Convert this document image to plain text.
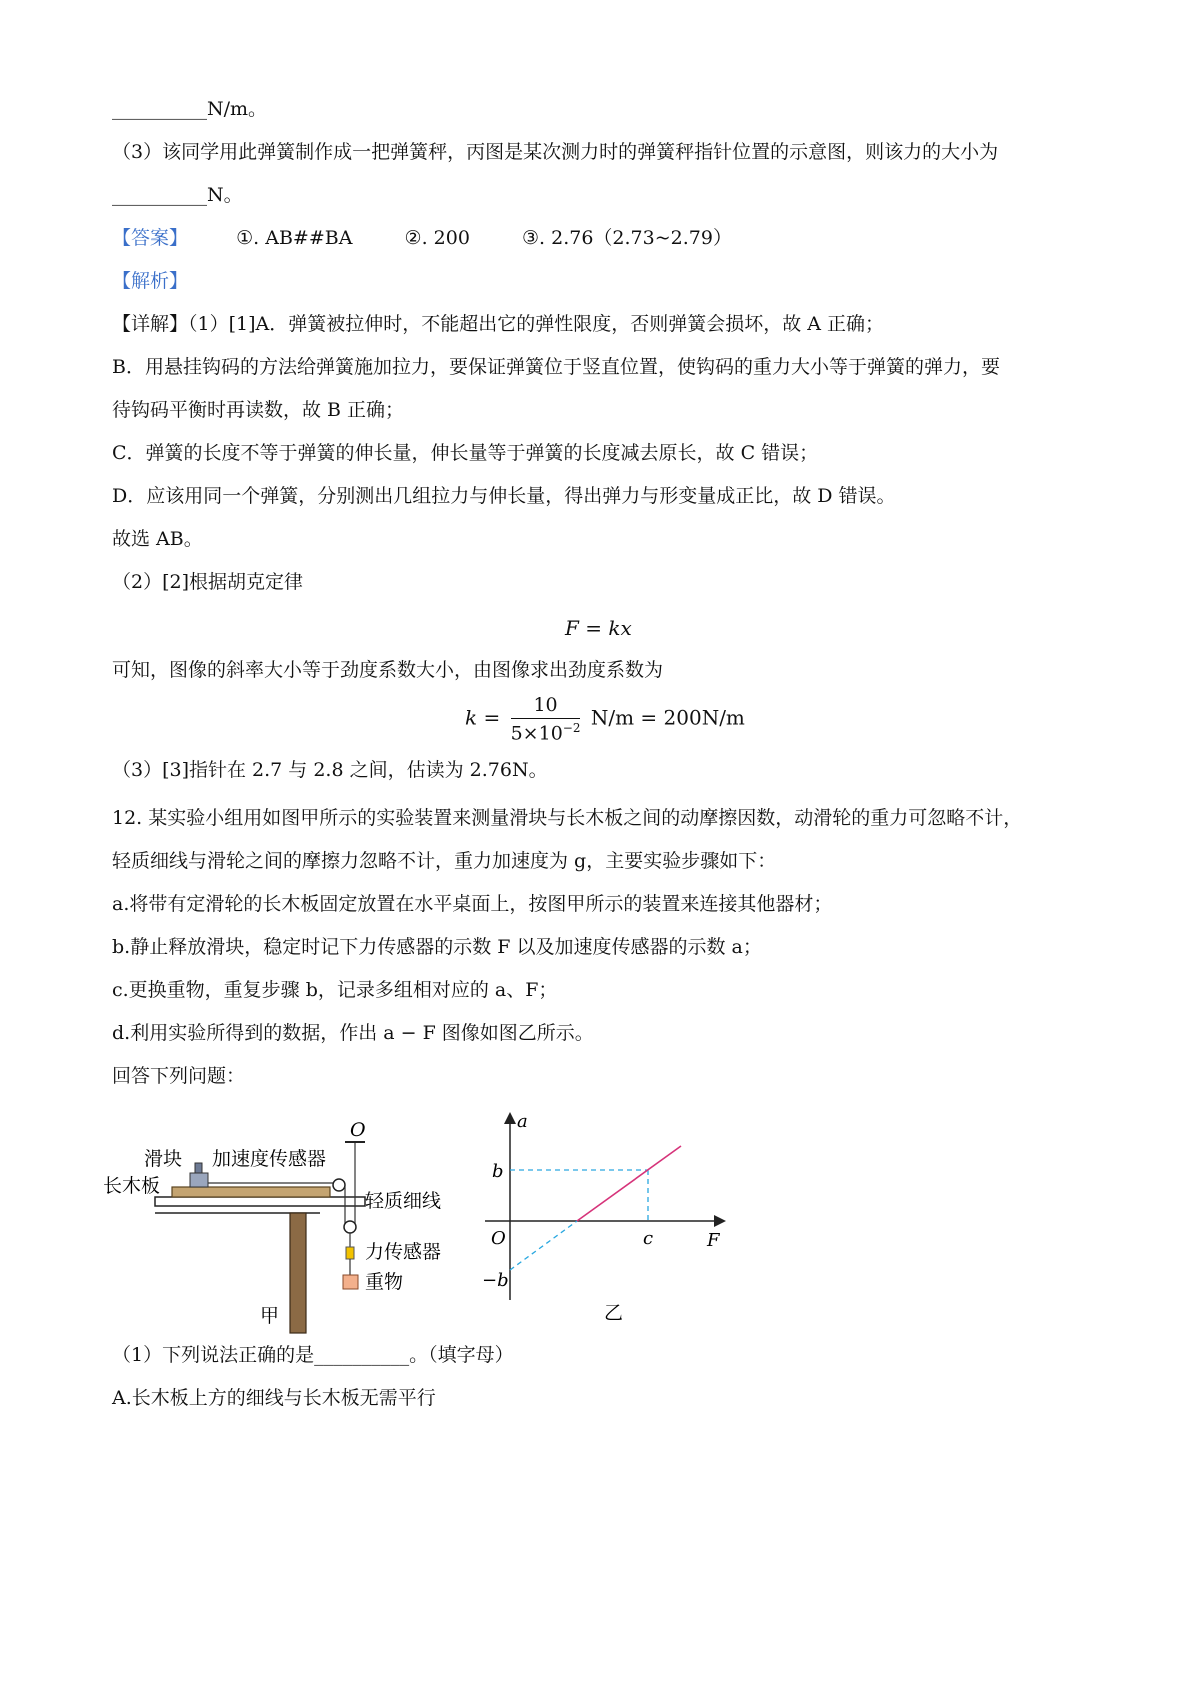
__________N/m。
（3）该同学用此弹簧制作成一把弹簧秤，丙图是某次测力时的弹簧秤指针位置的示意图，则该力的大小为
__________N。
【答案】	①. AB##BA	②. 200	③. 2.76（2.73~2.79）
【解析】
【详解】（1）[1]A．弹簧被拉伸时，不能超出它的弹性限度，否则弹簧会损坏，故 A 正确；
B．用悬挂钩码的方法给弹簧施加拉力，要保证弹簧位于竖直位置，使钩码的重力大小等于弹簧的弹力，要
待钩码平衡时再读数，故 B 正确；
C．弹簧的长度不等于弹簧的伸长量，伸长量等于弹簧的长度减去原长，故 C 错误；
D．应该用同一个弹簧，分别测出几组拉力与伸长量，得出弹力与形变量成正比，故 D 错误。
故选 AB。
（2）[2]根据胡克定律
F = kx
可知，图像的斜率大小等于劲度系数大小，由图像求出劲度系数为
$k = \frac{10}{5\times 10^{-2}} N/m = 200N/m$
（3）[3]指针在 2.7 与 2.8 之间，估读为 2.76N。
12. 某实验小组用如图甲所示的实验装置来测量滑块与长木板之间的动摩擦因数，动滑轮的重力可忽略不计，
轻质细线与滑轮之间的摩擦力忽略不计，重力加速度为 g，主要实验步骤如下：
a.将带有定滑轮的长木板固定放置在水平桌面上，按图甲所示的装置来连接其他器材；
b.静止释放滑块，稳定时记下力传感器的示数 F 以及加速度传感器的示数 a；
c.更换重物，重复步骤 b，记录多组相对应的 a、F；
d.利用实验所得到的数据，作出 a − F 图像如图乙所示。
回答下列问题：
滑块 加速度传感器
长木板
O
轻质细线
力传感器
重物
甲
a
F
O
b
−b
c
乙
（1）下列说法正确的是__________。（填字母）
A.长木板上方的细线与长木板无需平行
